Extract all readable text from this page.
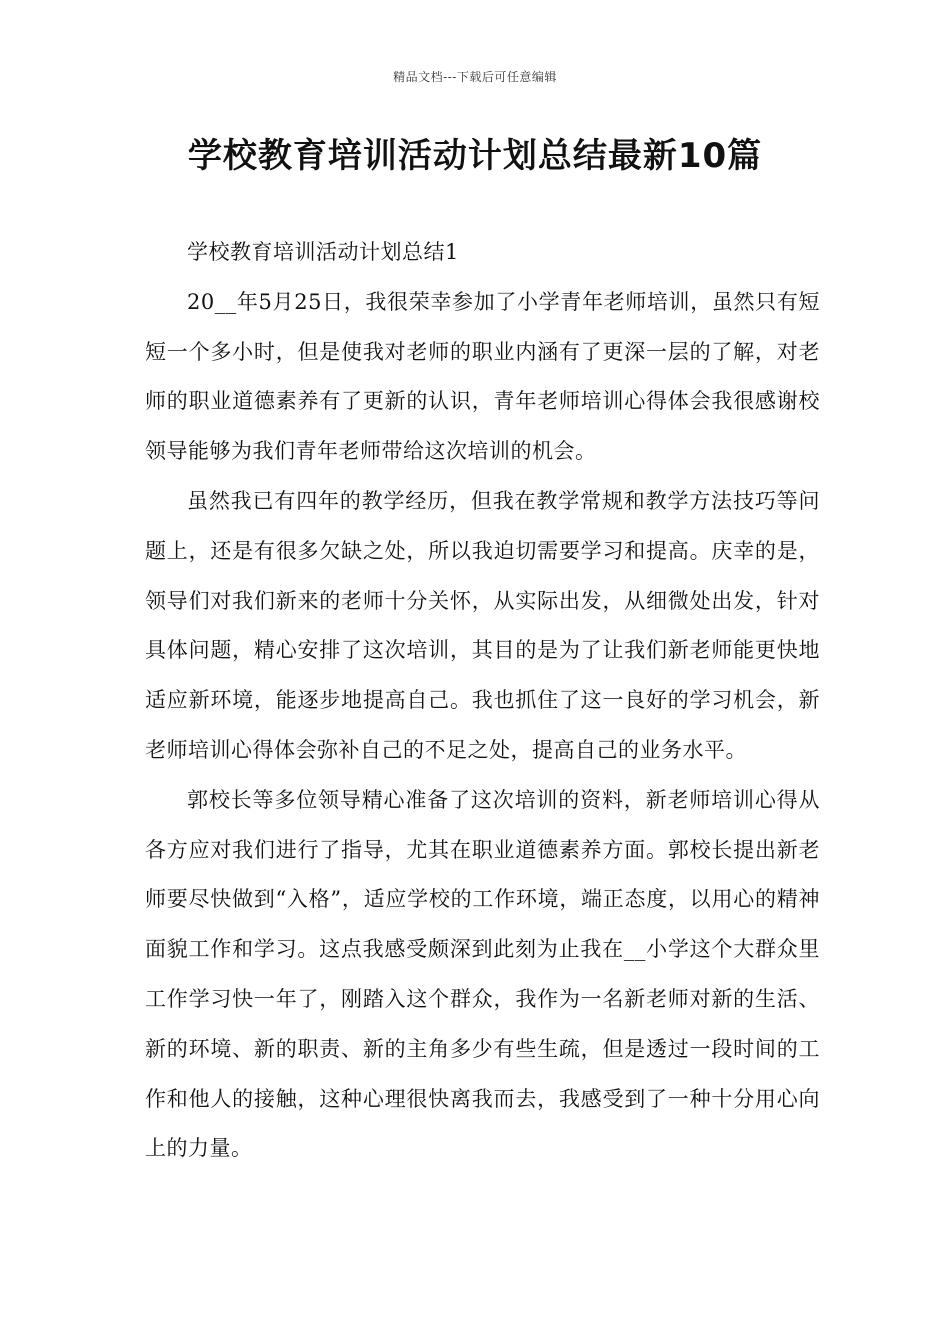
精品文档---下载后可任意编辑
学校教育培训活动计划总结最新10篇

学校教育培训活动计划总结1

20__年5月25日，我很荣幸参加了小学青年老师培训，虽然只有短短一个多小时，但是使我对老师的职业内涵有了更深一层的了解，对老师的职业道德素养有了更新的认识，青年老师培训心得体会我很感谢校领导能够为我们青年老师带给这次培训的机会。

虽然我已有四年的教学经历，但我在教学常规和教学方法技巧等问题上，还是有很多欠缺之处，所以我迫切需要学习和提高。庆幸的是，领导们对我们新来的老师十分关怀，从实际出发，从细微处出发，针对具体问题，精心安排了这次培训，其目的是为了让我们新老师能更快地适应新环境，能逐步地提高自己。我也抓住了这一良好的学习机会，新老师培训心得体会弥补自己的不足之处，提高自己的业务水平。

郭校长等多位领导精心准备了这次培训的资料，新老师培训心得从各方应对我们进行了指导，尤其在职业道德素养方面。郭校长提出新老师要尽快做到“入格”，适应学校的工作环境，端正态度，以用心的精神面貌工作和学习。这点我感受颇深到此刻为止我在__小学这个大群众里工作学习快一年了，刚踏入这个群众，我作为一名新老师对新的生活、新的环境、新的职责、新的主角多少有些生疏，但是透过一段时间的工作和他人的接触，这种心理很快离我而去，我感受到了一种十分用心向上的力量。
